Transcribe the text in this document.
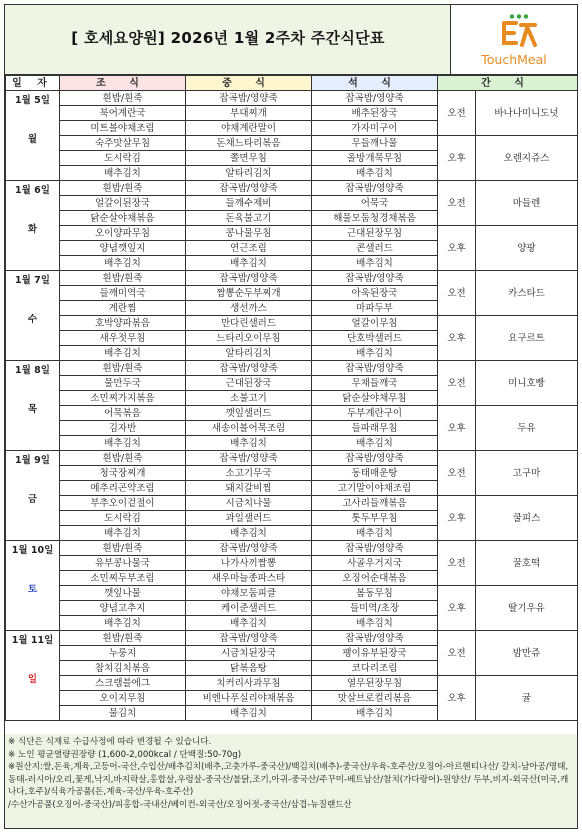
[ 호세요양원] 2026년 1월 2주차 주간식단표
TouchMeal
일 자	조 식	중 식	석 식	간 식	

1월 5일
월	흰밥/흰죽	잡곡밥/영양죽	잡곡밥/영양죽	오전	바나나미니도넛
	북어계란국	부대찌개	배추된장국		
	미트볼야채조림	야채계란말이	가자미구이		
	숙주맛살무침	돈채느타리볶음	무들깨나물	오후	오렌지쥬스
	도시락김	쫄면무침	올방개묵무침		
	배추김치	알타리김치	배추김치		

1월 6일
화	흰밥/흰죽	잡곡밥/영양죽	잡곡밥/영양죽	오전	마들렌
	얼갈이된장국	들깨수제비	어묵국		
	닭순살야채볶음	돈육불고기	해물모둠청경채볶음		
	오이양파무침	콩나물무침	근대된장무침	오후	양팡
	양념깻잎지	연근조림	콘샐러드		
	배추김치	배추김치	배추김치		

1월 7일
수	흰밥/흰죽	잡곡밥/영양죽	잡곡밥/영양죽	오전	카스타드
	들깨미역국	짬뽕순두부찌개	아욱된장국		
	계란찜	생선까스	마파두부		
	호박양파볶음	만다린샐러드	얼갈이무침	오후	요구르트
	새우젓무침	느타리오이무침	단호박샐러드		
	배추김치	알타리김치	배추김치		

1월 8일
목	흰밥/흰죽	잡곡밥/영양죽	잡곡밥/영양죽	오전	미니호빵
	물만두국	근대된장국	무채들깨국		
	소민찌가지볶음	소불고기	닭순살야채무침		
	어묵볶음	깻잎샐러드	두부계란구이	오후	두유
	김자반	새송이볼어묵조림	들파래무침		
	배추김치	배추김치	배추김치		

1월 9일
금	흰밥/흰죽	잡곡밥/영양죽	잡곡밥/영양죽	오전	고구마
	청국장찌개	소고기무국	동태매운탕		
	메추리곤약조림	돼지갈비찜	고기말이야채조림		
	부추오이겉절이	시금치나물	고사리들깨볶음	오후	쿨피스
	도시락김	과일샐러드	톳두부무침		
	배추김치	배추김치	배추김치		

1월 10일
토	흰밥/흰죽	잡곡밥/영양죽	잡곡밥/영양죽	오전	꿀호떡
	유부콩나물국	나가사끼짬뽕	사골우거지국		
	소민찌두부조림	새우마늘종파스타	오징어순대볶음		
	깻잎나물	야채모둠피클	봄동무침	오후	딸기우유
	양념고추지	케이준샐러드	들미역/초장		
	배추김치	배추김치	배추김치		

1월 11일
일	흰밥/흰죽	잡곡밥/영양죽	잡곡밥/영양죽	오전	밤만쥬
	누룽지	시금치된장국	팽이유부된장국		
	참치김치볶음	닭볶음탕	코다리조림		
	스크램블에그	치커리사과무침	열무된장무침	오후	귤
	오이지무침	비엔나푸실리야채볶음	맛살브로컬리볶음		
	물김치	배추김치	배추김치		

※ 식단은 식재료 수급사정에 따라 변경될 수 있습니다.

※ 노인 평균열량권장량 (1,600-2,000kcal / 단백질:50-70g)

※원산지:쌀,돈육,계육,고등어-국산,수입산/배추김치(배추,고춧가루-중국산)/백김치(배추)-중국산/우육-호주산/오징어-아르헨티나산/ 갈치-남아공/명태,동태-러시아/오리,꽃게,낙지,바지락살,홍합살,우렁살-중국산/불닭,조기,아귀-중국산/주꾸미-베트남산/참치(가다랑어)-원양산/ 두부,비지-외국산(미국,캐나다,호주)/식육가공품(돈,계육-국산/우육-호주산)

/수산가공품(오징어-중국산)/피홍합-국내산/베이컨-외국산/오징어젓-중국산/삼겹-뉴질랜드산
